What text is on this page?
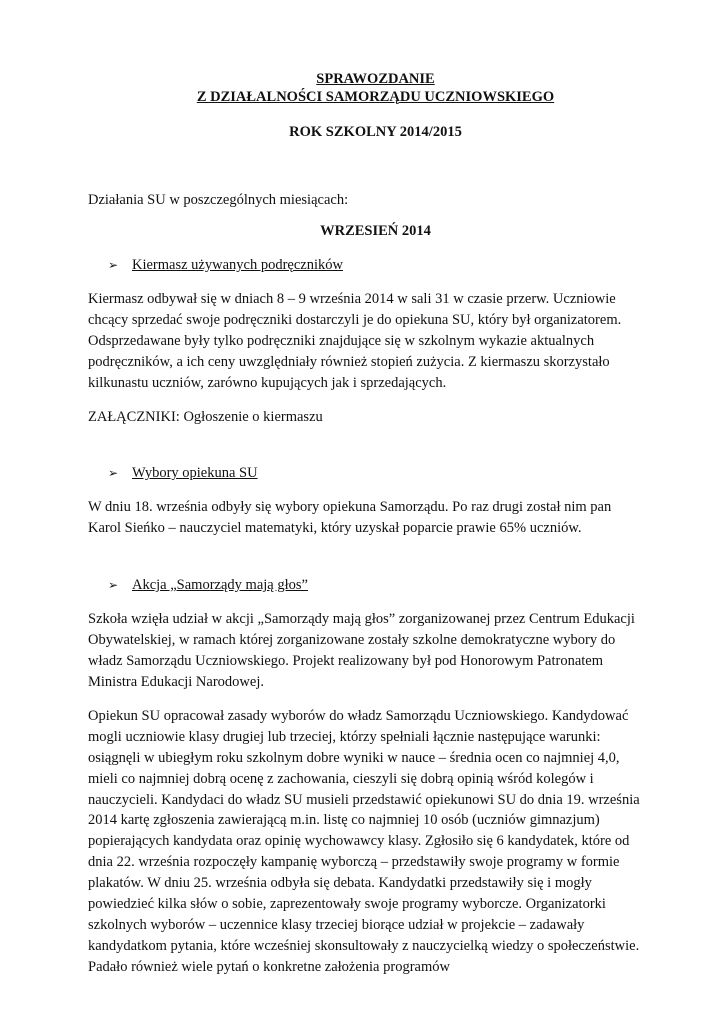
SPRAWOZDANIE

Z DZIAŁALNOŚCI SAMORZĄDU UCZNIOWSKIEGO

ROK SZKOLNY 2014/2015

Działania SU w poszczególnych miesiącach:

WRZESIEŃ 2014

➢ Kiermasz używanych podręczników

Kiermasz odbywał się w dniach 8 – 9 września 2014 w sali 31 w czasie przerw. Uczniowie chcący sprzedać swoje podręczniki dostarczyli je do opiekuna SU, który był organizatorem. Odsprzedawane były tylko podręczniki znajdujące się w szkolnym wykazie aktualnych podręczników, a ich ceny uwzględniały również stopień zużycia. Z kiermaszu skorzystało kilkunastu uczniów, zarówno kupujących jak i sprzedających.

ZAŁĄCZNIKI: Ogłoszenie o kiermaszu

➢ Wybory opiekuna SU

W dniu 18. września odbyły się wybory opiekuna Samorządu. Po raz drugi został nim pan Karol Sieńko – nauczyciel matematyki, który uzyskał poparcie prawie 65% uczniów.

➢ Akcja „Samorządy mają głos”

Szkoła wzięła udział w akcji „Samorządy mają głos” zorganizowanej przez Centrum Edukacji Obywatelskiej, w ramach której zorganizowane zostały szkolne demokratyczne wybory do władz Samorządu Uczniowskiego. Projekt realizowany był pod Honorowym Patronatem Ministra Edukacji Narodowej.

Opiekun SU opracował zasady wyborów do władz Samorządu Uczniowskiego. Kandydować mogli uczniowie klasy drugiej lub trzeciej, którzy spełniali łącznie następujące warunki: osiągnęli w ubiegłym roku szkolnym dobre wyniki w nauce – średnia ocen co najmniej 4,0, mieli co najmniej dobrą ocenę z zachowania, cieszyli się dobrą opinią wśród kolegów i nauczycieli. Kandydaci do władz SU musieli przedstawić opiekunowi SU do dnia 19. września 2014 kartę zgłoszenia zawierającą m.in. listę co najmniej 10 osób (uczniów gimnazjum) popierających kandydata oraz opinię wychowawcy klasy. Zgłosiło się 6 kandydatek, które od dnia 22. września rozpoczęły kampanię wyborczą – przedstawiły swoje programy w formie plakatów. W dniu 25. września odbyła się debata. Kandydatki przedstawiły się i mogły powiedzieć kilka słów o sobie, zaprezentowały swoje programy wyborcze. Organizatorki szkolnych wyborów – uczennice klasy trzeciej biorące udział w projekcie – zadawały kandydatkom pytania, które wcześniej skonsultowały z nauczycielką wiedzy o społeczeństwie. Padało również wiele pytań o konkretne założenia programów
